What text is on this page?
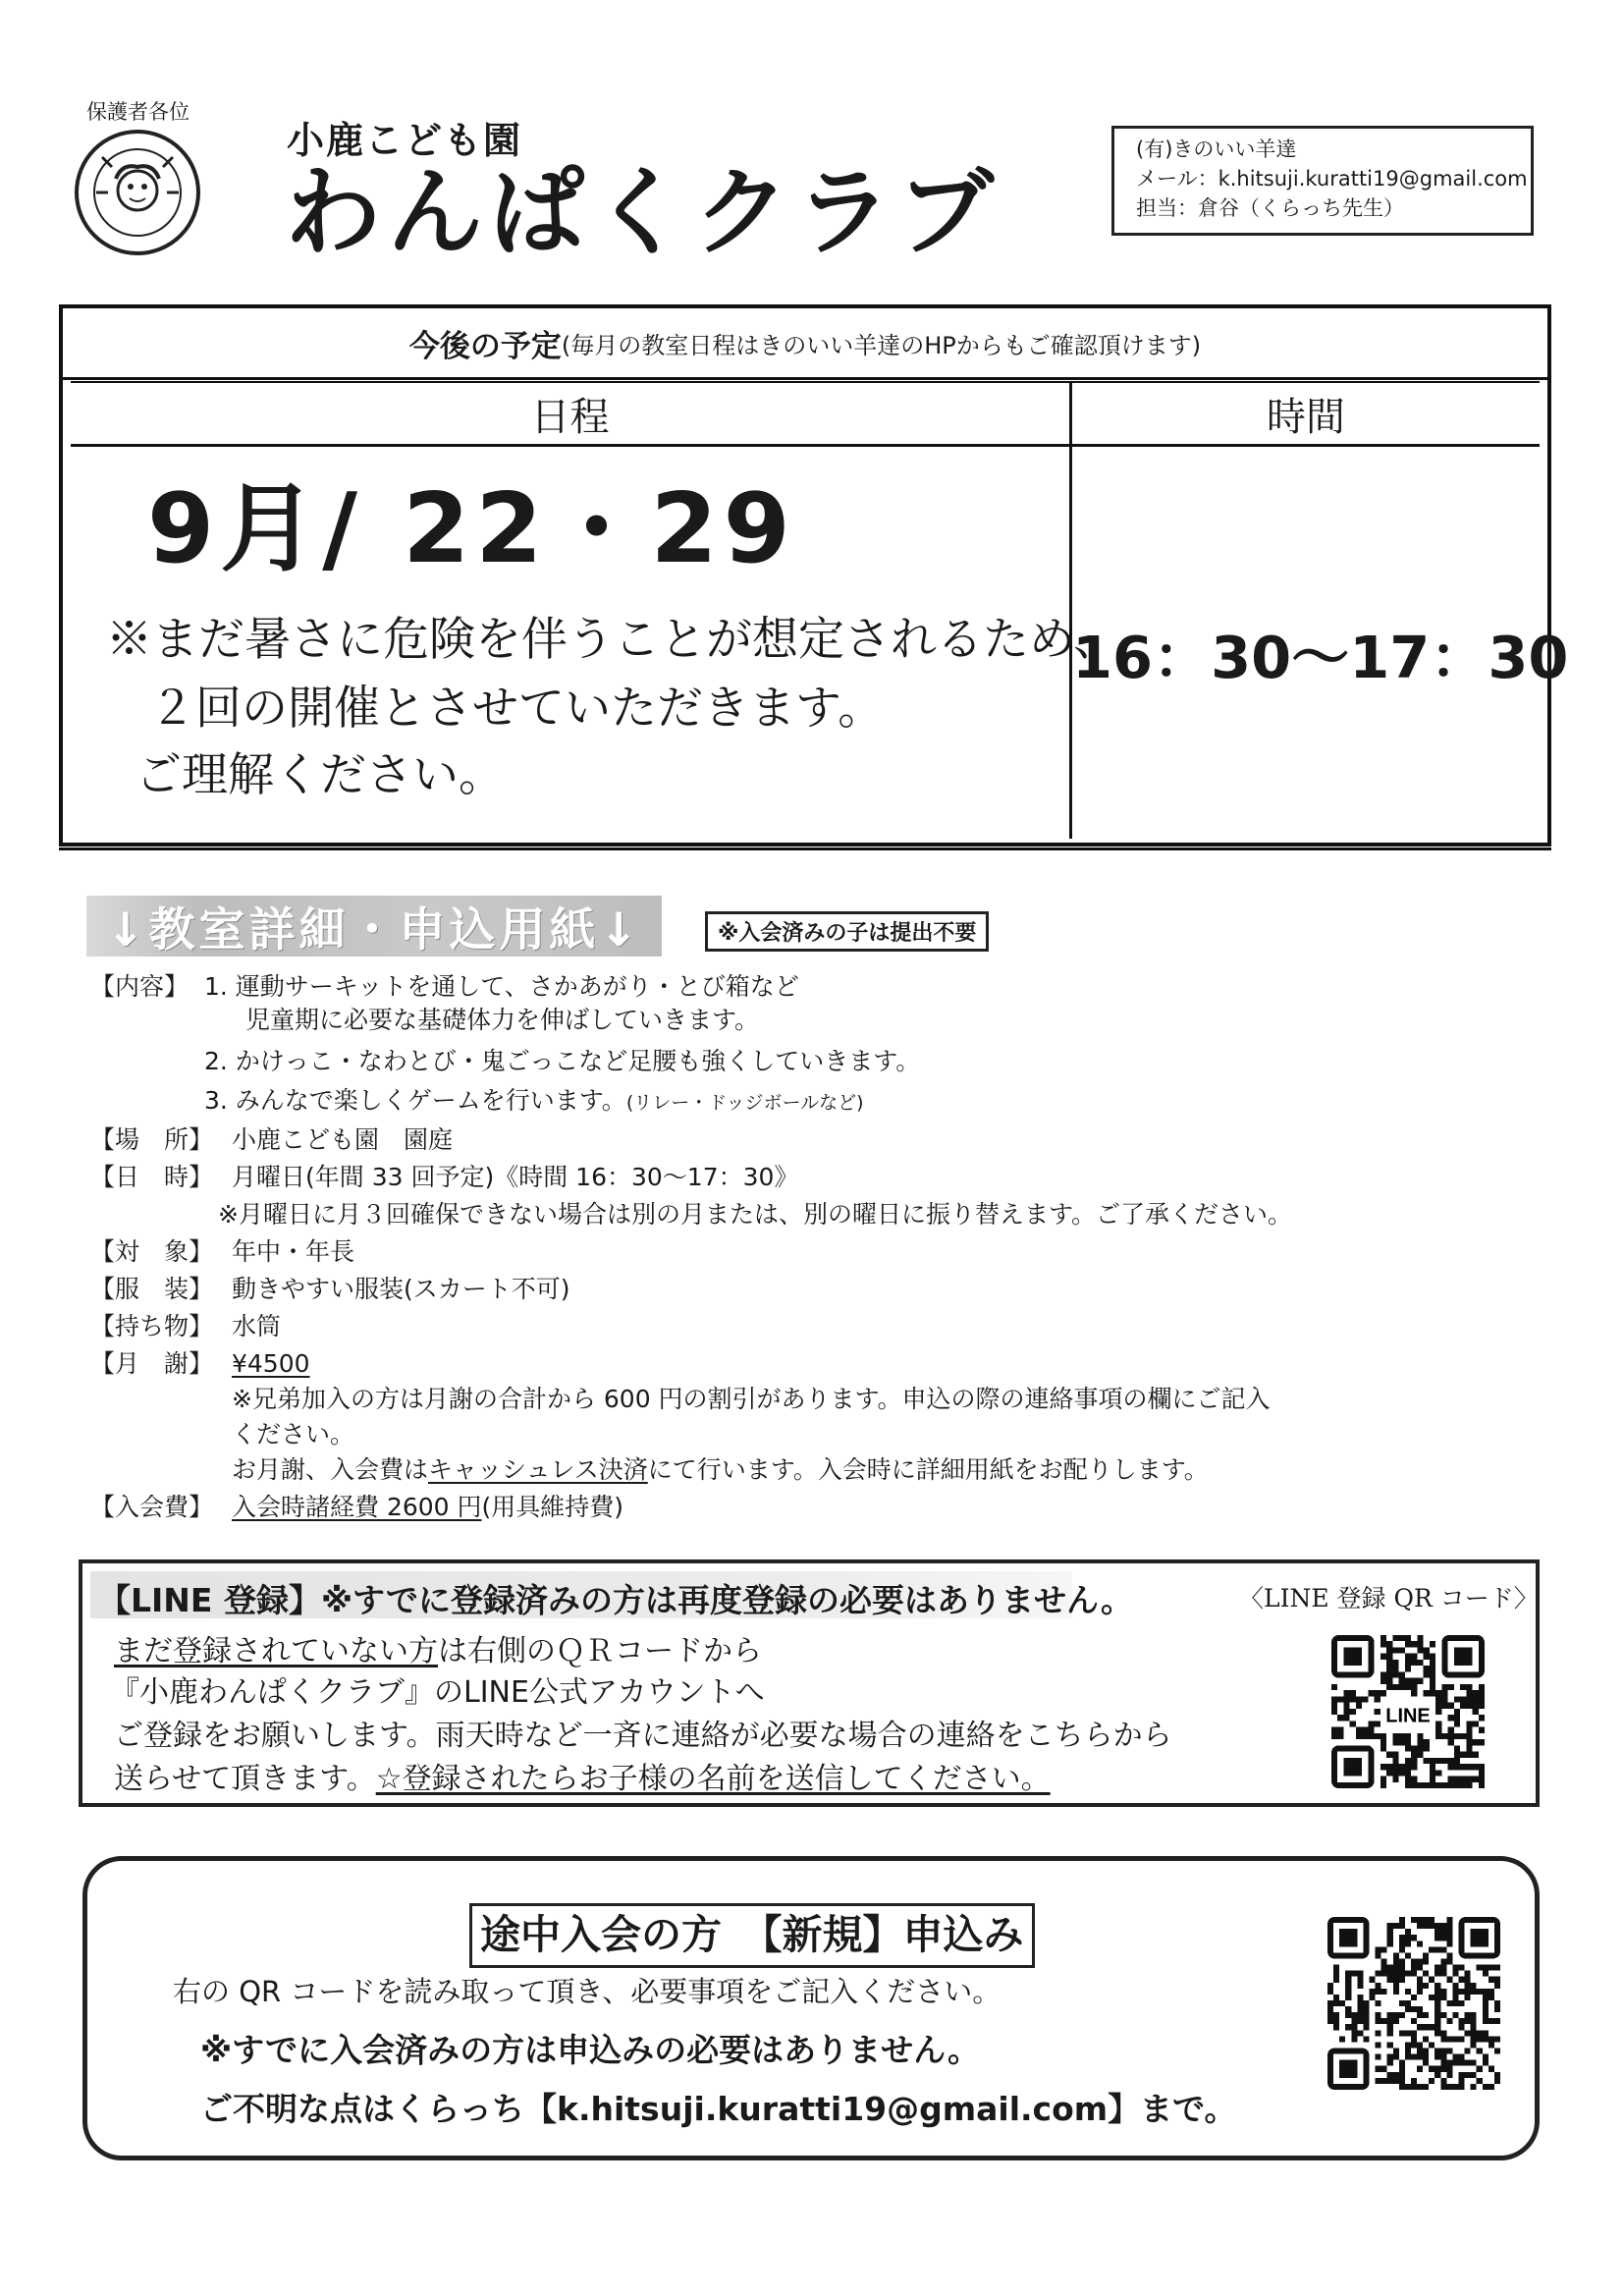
保護者各位
小鹿こども園
わんぱくクラブ
(有)きのいい羊達
メール：k.hitsuji.kuratti19@gmail.com
担当：倉谷（くらっち先生）
今後の予定 (毎月の教室日程はきのいい羊達のHPからもご確認頂けます)
日程	時間
9月/ 22・29
※まだ暑さに危険を伴うことが想定されるため、
２回の開催とさせていただきます。
ご理解ください。
16：30～17：30
↓教室詳細・申込用紙↓	※入会済みの子は提出不要
【内容】 1. 運動サーキットを通して、さかあがり・とび箱など
児童期に必要な基礎体力を伸ばしていきます。
2. かけっこ・なわとび・鬼ごっこなど足腰も強くしていきます。
3. みんなで楽しくゲームを行います。(リレー・ドッジボールなど)
【場　所】 小鹿こども園　園庭
【日　時】 月曜日(年間 33 回予定)《時間 16：30～17：30》
※月曜日に月３回確保できない場合は別の月または、別の曜日に振り替えます。ご了承ください。
【対　象】 年中・年長
【服　装】 動きやすい服装(スカート不可)
【持ち物】 水筒
【月　謝】 ¥4500
※兄弟加入の方は月謝の合計から 600 円の割引があります。申込の際の連絡事項の欄にご記入
ください。
お月謝、入会費はキャッシュレス決済にて行います。入会時に詳細用紙をお配りします。
【入会費】 入会時諸経費 2600 円(用具維持費)
【LINE 登録】※すでに登録済みの方は再度登録の必要はありません。	〈LINE 登録 QR コード〉
まだ登録されていない方は右側のＱＲコードから
『小鹿わんぱくクラブ』のLINE公式アカウントへ
ご登録をお願いします。雨天時など一斉に連絡が必要な場合の連絡をこちらから
送らせて頂きます。☆登録されたらお子様の名前を送信してください。
LINE
途中入会の方　【新規】申込み
右の QR コードを読み取って頂き、必要事項をご記入ください。
※すでに入会済みの方は申込みの必要はありません。
ご不明な点はくらっち【k.hitsuji.kuratti19@gmail.com】まで。
